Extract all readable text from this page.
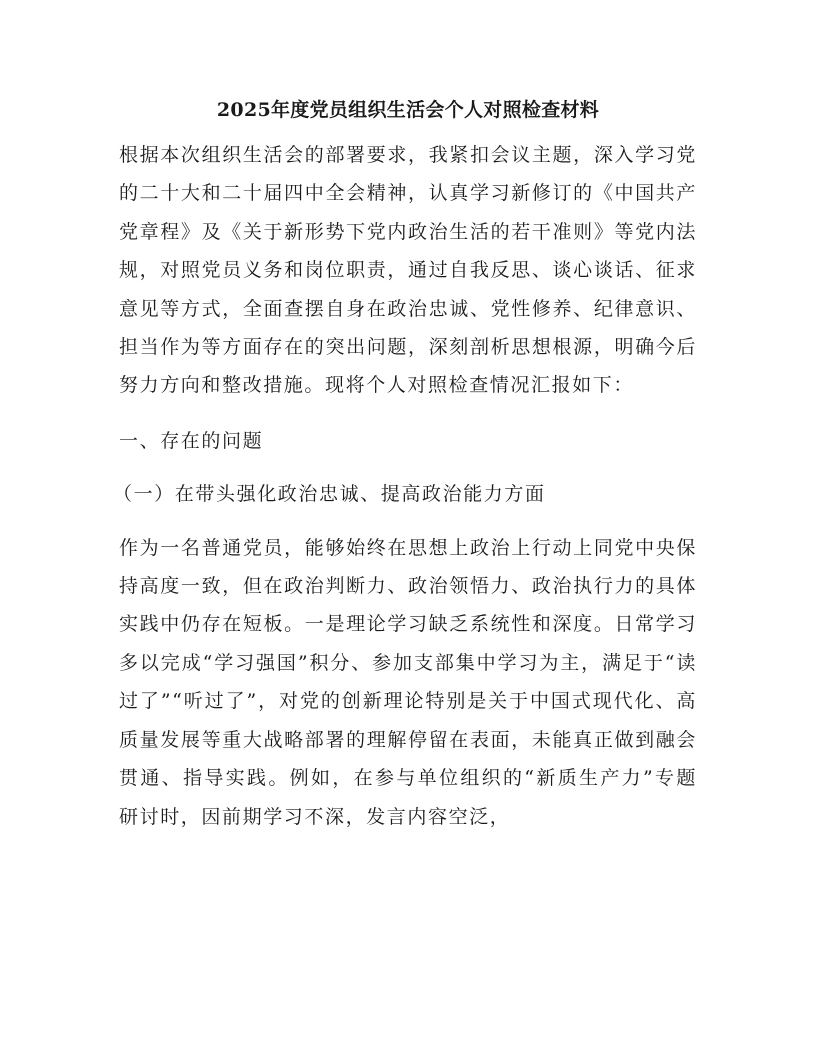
2025年度党员组织生活会个人对照检查材料

根据本次组织生活会的部署要求，我紧扣会议主题，深入学习党的二十大和二十届四中全会精神，认真学习新修订的《中国共产党章程》及《关于新形势下党内政治生活的若干准则》等党内法规，对照党员义务和岗位职责，通过自我反思、谈心谈话、征求意见等方式，全面查摆自身在政治忠诚、党性修养、纪律意识、担当作为等方面存在的突出问题，深刻剖析思想根源，明确今后努力方向和整改措施。现将个人对照检查情况汇报如下：

一、存在的问题

（一）在带头强化政治忠诚、提高政治能力方面

作为一名普通党员，能够始终在思想上政治上行动上同党中央保持高度一致，但在政治判断力、政治领悟力、政治执行力的具体实践中仍存在短板。一是理论学习缺乏系统性和深度。日常学习多以完成“学习强国”积分、参加支部集中学习为主，满足于“读过了”“听过了”，对党的创新理论特别是关于中国式现代化、高质量发展等重大战略部署的理解停留在表面，未能真正做到融会贯通、指导实践。例如，在参与单位组织的“新质生产力”专题研讨时，因前期学习不深，发言内容空泛，
